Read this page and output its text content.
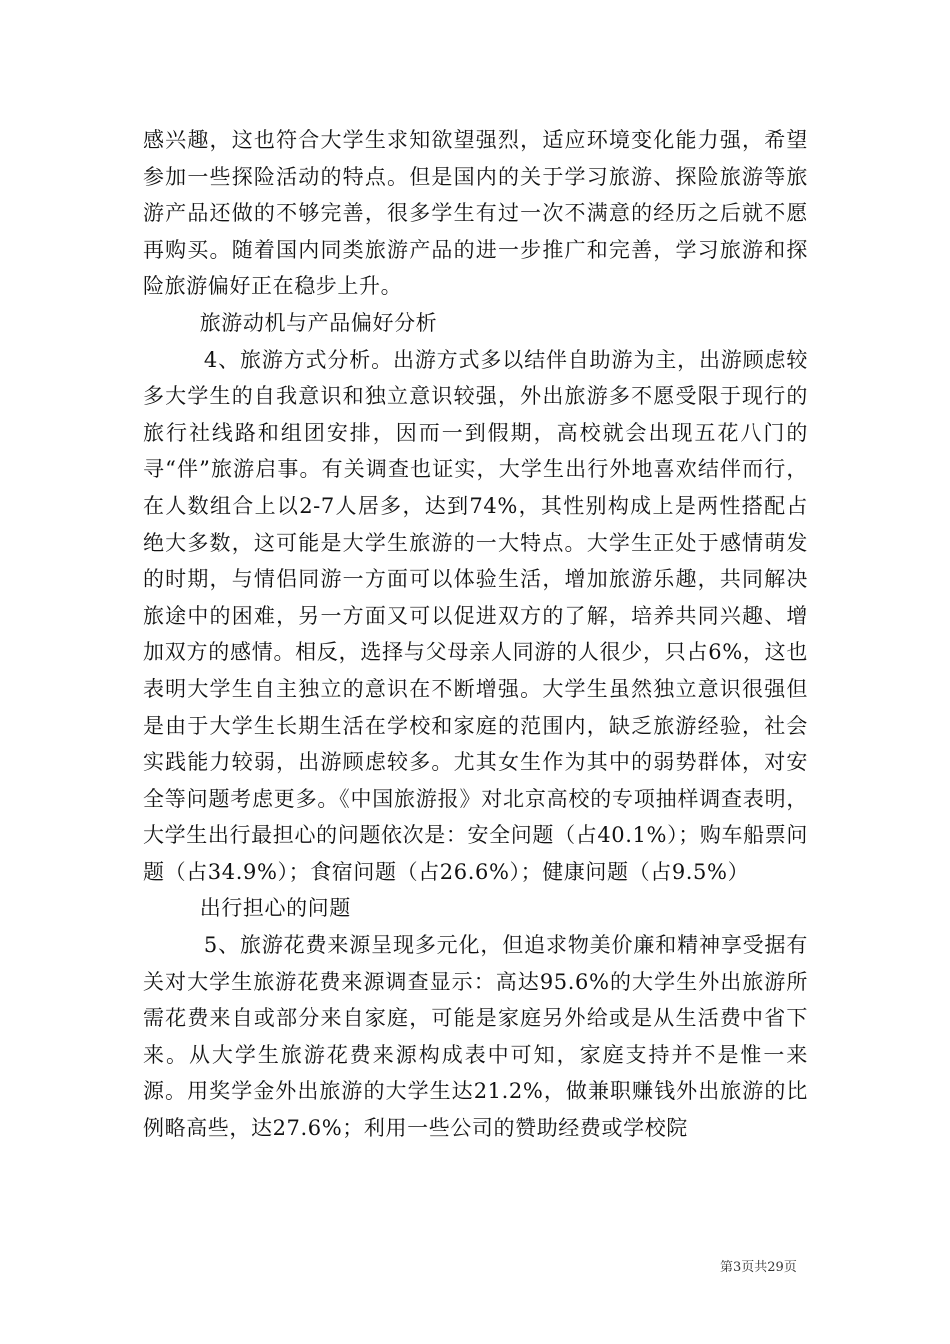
感兴趣，这也符合大学生求知欲望强烈，适应环境变化能力强，希望参加一些探险活动的特点。但是国内的关于学习旅游、探险旅游等旅游产品还做的不够完善，很多学生有过一次不满意的经历之后就不愿再购买。随着国内同类旅游产品的进一步推广和完善，学习旅游和探险旅游偏好正在稳步上升。

旅游动机与产品偏好分析

4、旅游方式分析。出游方式多以结伴自助游为主，出游顾虑较多大学生的自我意识和独立意识较强，外出旅游多不愿受限于现行的旅行社线路和组团安排，因而一到假期，高校就会出现五花八门的寻“伴”旅游启事。有关调查也证实，大学生出行外地喜欢结伴而行，在人数组合上以2-7人居多，达到74%，其性别构成上是两性搭配占绝大多数，这可能是大学生旅游的一大特点。大学生正处于感情萌发的时期，与情侣同游一方面可以体验生活，增加旅游乐趣，共同解决旅途中的困难，另一方面又可以促进双方的了解，培养共同兴趣、增加双方的感情。相反，选择与父母亲人同游的人很少，只占6%，这也表明大学生自主独立的意识在不断增强。大学生虽然独立意识很强但是由于大学生长期生活在学校和家庭的范围内，缺乏旅游经验，社会实践能力较弱，出游顾虑较多。尤其女生作为其中的弱势群体，对安全等问题考虑更多。《中国旅游报》对北京高校的专项抽样调查表明，大学生出行最担心的问题依次是：安全问题（占40.1%）；购车船票问题（占34.9%）；食宿问题（占26.6%）；健康问题（占9.5%）

出行担心的问题

5、旅游花费来源呈现多元化，但追求物美价廉和精神享受据有关对大学生旅游花费来源调查显示：高达95.6%的大学生外出旅游所需花费来自或部分来自家庭，可能是家庭另外给或是从生活费中省下来。从大学生旅游花费来源构成表中可知，家庭支持并不是惟一来源。用奖学金外出旅游的大学生达21.2%，做兼职赚钱外出旅游的比例略高些，达27.6%；利用一些公司的赞助经费或学校院

第3页共29页
